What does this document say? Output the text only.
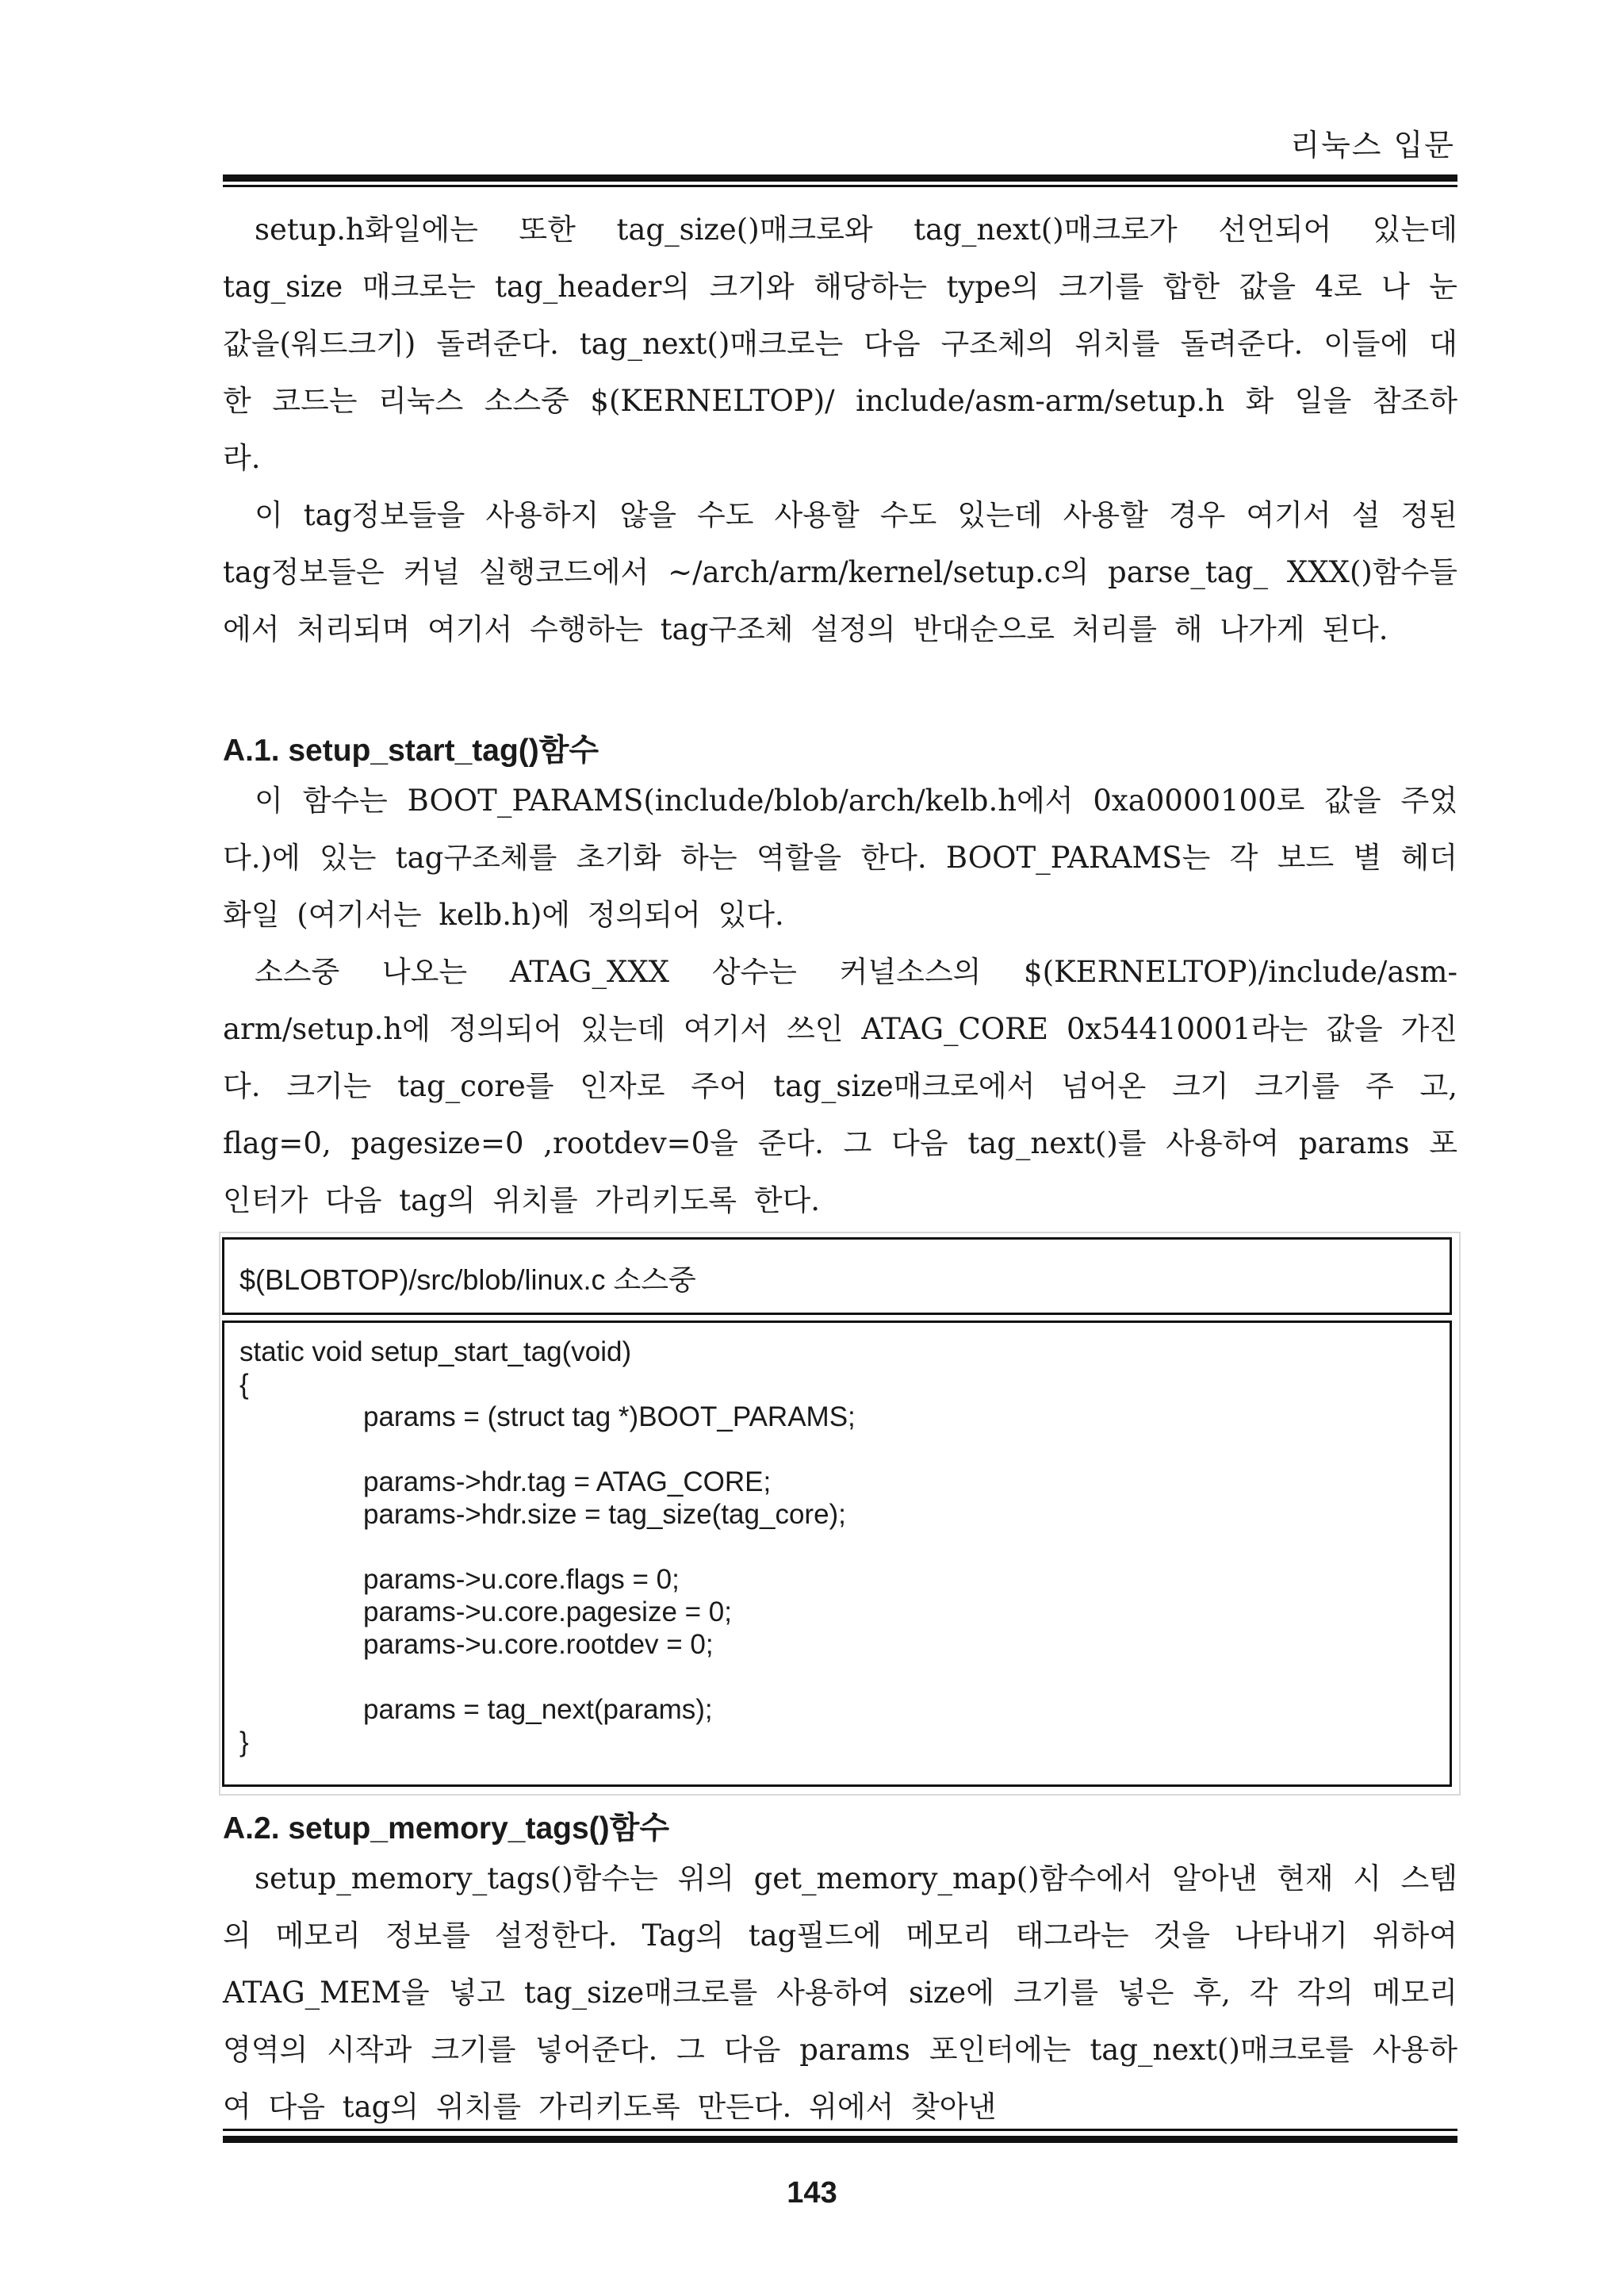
리눅스 입문
setup.h화일에는 또한 tag_size()매크로와 tag_next()매크로가 선언되어 있는데 tag_size 매크로는 tag_header의 크기와 해당하는 type의 크기를 합한 값을 4로 나 눈 값을(워드크기) 돌려준다. tag_next()매크로는 다음 구조체의 위치를 돌려준다. 이들에 대한 코드는 리눅스 소스중 $(KERNELTOP)/ include/asm-arm/setup.h 화 일을 참조하라.
이 tag정보들을 사용하지 않을 수도 사용할 수도 있는데 사용할 경우 여기서 설 정된 tag정보들은 커널 실행코드에서 ~/arch/arm/kernel/setup.c의 parse_tag_ XXX()함수들에서 처리되며 여기서 수행하는 tag구조체 설정의 반대순으로 처리를 해 나가게 된다.
A.1. setup_start_tag()함수
이 함수는 BOOT_PARAMS(include/blob/arch/kelb.h에서 0xa0000100로 값을 주었다.)에 있는 tag구조체를 초기화 하는 역할을 한다. BOOT_PARAMS는 각 보드 별 헤더화일 (여기서는 kelb.h)에 정의되어 있다.
소스중 나오는 ATAG_XXX 상수는 커널소스의 $(KERNELTOP)/include/asm- arm/setup.h에 정의되어 있는데 여기서 쓰인 ATAG_CORE 0x54410001라는 값을 가진다. 크기는 tag_core를 인자로 주어 tag_size매크로에서 넘어온 크기 크기를 주 고, flag=0, pagesize=0 ,rootdev=0을 준다. 그 다음 tag_next()를 사용하여 params 포인터가 다음 tag의 위치를 가리키도록 한다.
$(BLOBTOP)/src/blob/linux.c 소스중
static void setup_start_tag(void)
{
params = (struct tag *)BOOT_PARAMS;
params->hdr.tag = ATAG_CORE;
params->hdr.size = tag_size(tag_core);
params->u.core.flags = 0;
params->u.core.pagesize = 0;
params->u.core.rootdev = 0;
params = tag_next(params);
}
A.2. setup_memory_tags()함수
setup_memory_tags()함수는 위의 get_memory_map()함수에서 알아낸 현재 시 스템의 메모리 정보를 설정한다. Tag의 tag필드에 메모리 태그라는 것을 나타내기 위하여 ATAG_MEM을 넣고 tag_size매크로를 사용하여 size에 크기를 넣은 후, 각 각의 메모리 영역의 시작과 크기를 넣어준다. 그 다음 params 포인터에는 tag_next()매크로를 사용하여 다음 tag의 위치를 가리키도록 만든다. 위에서 찾아낸
143
